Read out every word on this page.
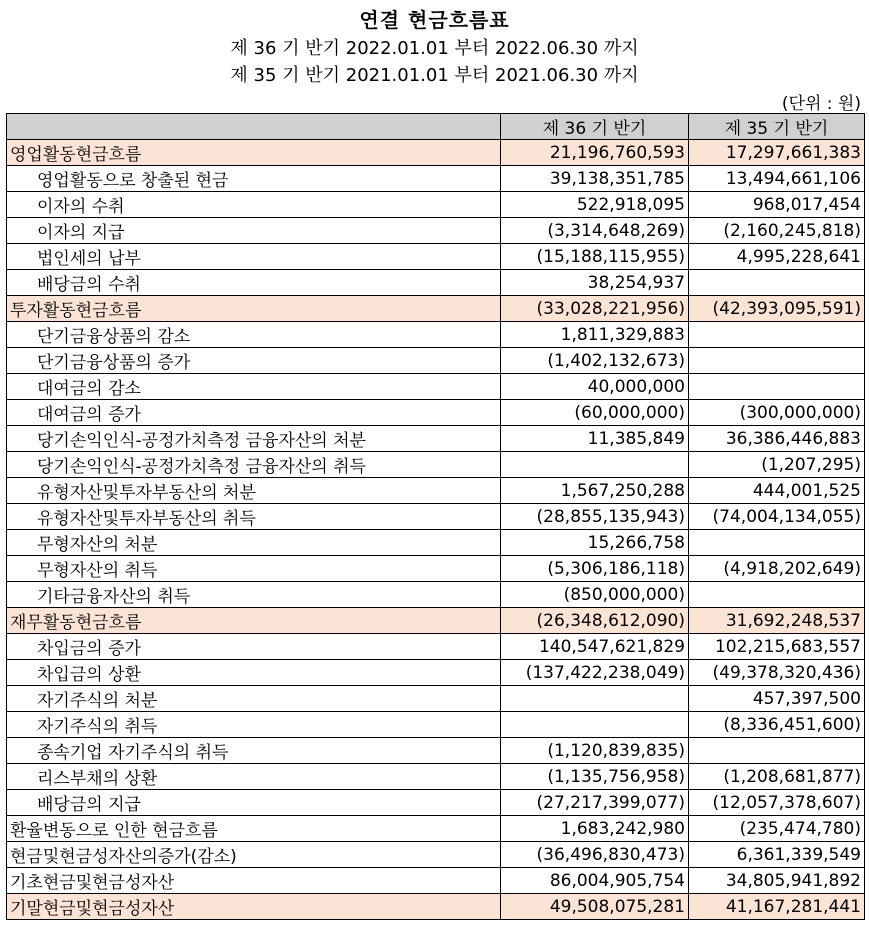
연결 현금흐름표
제 36 기 반기 2022.01.01 부터 2022.06.30 까지
제 35 기 반기 2021.01.01 부터 2021.06.30 까지
(단위 : 원)
	제 36 기 반기	제 35 기 반기
영업활동현금흐름	21,196,760,593	17,297,661,383
영업활동으로 창출된 현금	39,138,351,785	13,494,661,106
이자의 수취	522,918,095	968,017,454
이자의 지급	(3,314,648,269)	(2,160,245,818)
법인세의 납부	(15,188,115,955)	4,995,228,641
배당금의 수취	38,254,937	
투자활동현금흐름	(33,028,221,956)	(42,393,095,591)
단기금융상품의 감소	1,811,329,883	
단기금융상품의 증가	(1,402,132,673)	
대여금의 감소	40,000,000	
대여금의 증가	(60,000,000)	(300,000,000)
당기손익인식-공정가치측정 금융자산의 처분	11,385,849	36,386,446,883
당기손익인식-공정가치측정 금융자산의 취득		(1,207,295)
유형자산및투자부동산의 처분	1,567,250,288	444,001,525
유형자산및투자부동산의 취득	(28,855,135,943)	(74,004,134,055)
무형자산의 처분	15,266,758	
무형자산의 취득	(5,306,186,118)	(4,918,202,649)
기타금융자산의 취득	(850,000,000)	
재무활동현금흐름	(26,348,612,090)	31,692,248,537
차입금의 증가	140,547,621,829	102,215,683,557
차입금의 상환	(137,422,238,049)	(49,378,320,436)
자기주식의 처분		457,397,500
자기주식의 취득		(8,336,451,600)
종속기업 자기주식의 취득	(1,120,839,835)	
리스부채의 상환	(1,135,756,958)	(1,208,681,877)
배당금의 지급	(27,217,399,077)	(12,057,378,607)
환율변동으로 인한 현금흐름	1,683,242,980	(235,474,780)
현금및현금성자산의증가(감소)	(36,496,830,473)	6,361,339,549
기초현금및현금성자산	86,004,905,754	34,805,941,892
기말현금및현금성자산	49,508,075,281	41,167,281,441
